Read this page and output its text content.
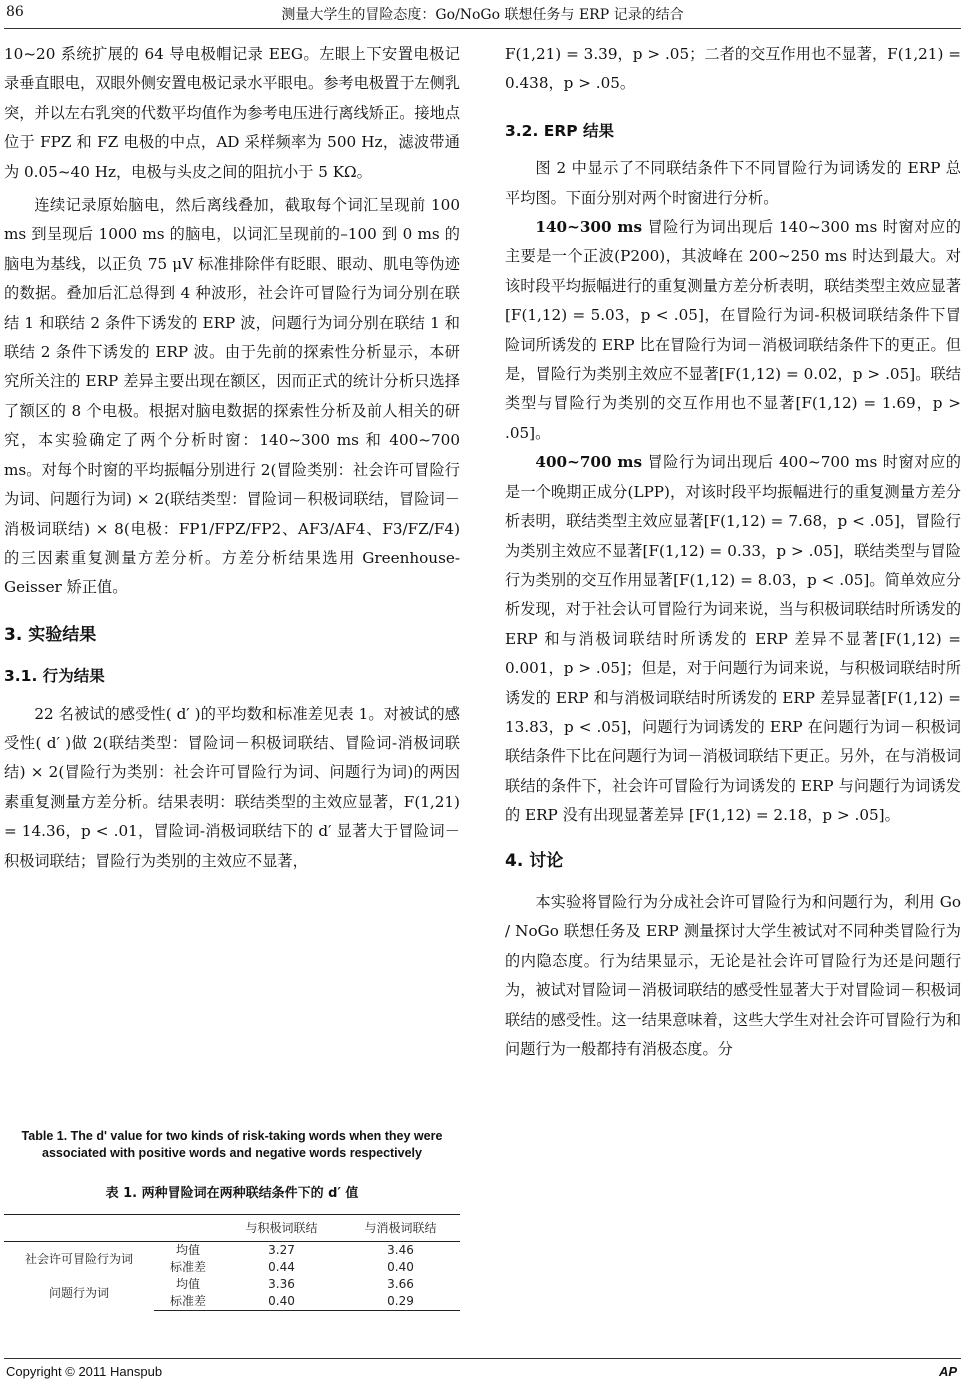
86	测量大学生的冒险态度：Go/NoGo 联想任务与 ERP 记录的结合

10~20 系统扩展的 64 导电极帽记录 EEG。左眼上下安置电极记录垂直眼电，双眼外侧安置电极记录水平眼电。参考电极置于左侧乳突，并以左右乳突的代数平均值作为参考电压进行离线矫正。接地点位于 FPZ 和 FZ 电极的中点，AD 采样频率为 500 Hz，滤波带通为 0.05~40 Hz，电极与头皮之间的阻抗小于 5 KΩ。

连续记录原始脑电，然后离线叠加，截取每个词汇呈现前 100 ms 到呈现后 1000 ms 的脑电，以词汇呈现前的–100 到 0 ms 的脑电为基线，以正负 75 μV 标准排除伴有眨眼、眼动、肌电等伪迹的数据。叠加后汇总得到 4 种波形，社会许可冒险行为词分别在联结 1 和联结 2 条件下诱发的 ERP 波，问题行为词分别在联结 1 和联结 2 条件下诱发的 ERP 波。由于先前的探索性分析显示，本研究所关注的 ERP 差异主要出现在额区，因而正式的统计分析只选择了额区的 8 个电极。根据对脑电数据的探索性分析及前人相关的研究，本实验确定了两个分析时窗：140~300 ms 和 400~700 ms。对每个时窗的平均振幅分别进行 2(冒险类别：社会许可冒险行为词、问题行为词) × 2(联结类型：冒险词－积极词联结，冒险词－消极词联结) × 8(电极：FP1/FPZ/FP2、AF3/AF4、F3/FZ/F4)的三因素重复测量方差分析。方差分析结果选用 Greenhouse-Geisser 矫正值。

3. 实验结果
3.1. 行为结果

22 名被试的感受性( d′ )的平均数和标准差见表 1。对被试的感受性( d′ )做 2(联结类型：冒险词－积极词联结、冒险词-消极词联结) × 2(冒险行为类别：社会许可冒险行为词、问题行为词)的两因素重复测量方差分析。结果表明：联结类型的主效应显著，F(1,21) = 14.36，p < .01，冒险词-消极词联结下的 d′ 显著大于冒险词－积极词联结；冒险行为类别的主效应不显著，

Table 1. The d' value for two kinds of risk-taking words when they were associated with positive words and negative words respectively
表 1. 两种冒险词在两种联结条件下的 d′ 值
		与积极词联结	与消极词联结
社会许可冒险行为词	均值	3.27	3.46
	标准差	0.44	0.40
问题行为词	均值	3.36	3.66
	标准差	0.40	0.29

F(1,21) = 3.39，p > .05；二者的交互作用也不显著，F(1,21) = 0.438，p > .05。

3.2. ERP 结果

图 2 中显示了不同联结条件下不同冒险行为词诱发的 ERP 总平均图。下面分别对两个时窗进行分析。

140~300 ms 冒险行为词出现后 140~300 ms 时窗对应的主要是一个正波(P200)，其波峰在 200~250 ms 时达到最大。对该时段平均振幅进行的重复测量方差分析表明，联结类型主效应显著[F(1,12) = 5.03，p < .05]，在冒险行为词-积极词联结条件下冒险词所诱发的 ERP 比在冒险行为词－消极词联结条件下的更正。但是，冒险行为类别主效应不显著[F(1,12) = 0.02，p > .05]。联结类型与冒险行为类别的交互作用也不显著[F(1,12) = 1.69，p > .05]。

400~700 ms 冒险行为词出现后 400~700 ms 时窗对应的是一个晚期正成分(LPP)，对该时段平均振幅进行的重复测量方差分析表明，联结类型主效应显著[F(1,12) = 7.68，p < .05]，冒险行为类别主效应不显著[F(1,12) = 0.33，p > .05]，联结类型与冒险行为类别的交互作用显著[F(1,12) = 8.03，p < .05]。简单效应分析发现，对于社会认可冒险行为词来说，当与积极词联结时所诱发的 ERP 和与消极词联结时所诱发的 ERP 差异不显著[F(1,12) = 0.001，p > .05]；但是，对于问题行为词来说，与积极词联结时所诱发的 ERP 和与消极词联结时所诱发的 ERP 差异显著[F(1,12) = 13.83，p < .05]，问题行为词诱发的 ERP 在问题行为词－积极词联结条件下比在问题行为词－消极词联结下更正。另外，在与消极词联结的条件下，社会许可冒险行为词诱发的 ERP 与问题行为词诱发的 ERP 没有出现显著差异 [F(1,12) = 2.18，p > .05]。

4. 讨论

本实验将冒险行为分成社会许可冒险行为和问题行为，利用 Go / NoGo 联想任务及 ERP 测量探讨大学生被试对不同种类冒险行为的内隐态度。行为结果显示，无论是社会许可冒险行为还是问题行为，被试对冒险词－消极词联结的感受性显著大于对冒险词－积极词联结的感受性。这一结果意味着，这些大学生对社会许可冒险行为和问题行为一般都持有消极态度。分

Copyright © 2011 Hanspub	AP
